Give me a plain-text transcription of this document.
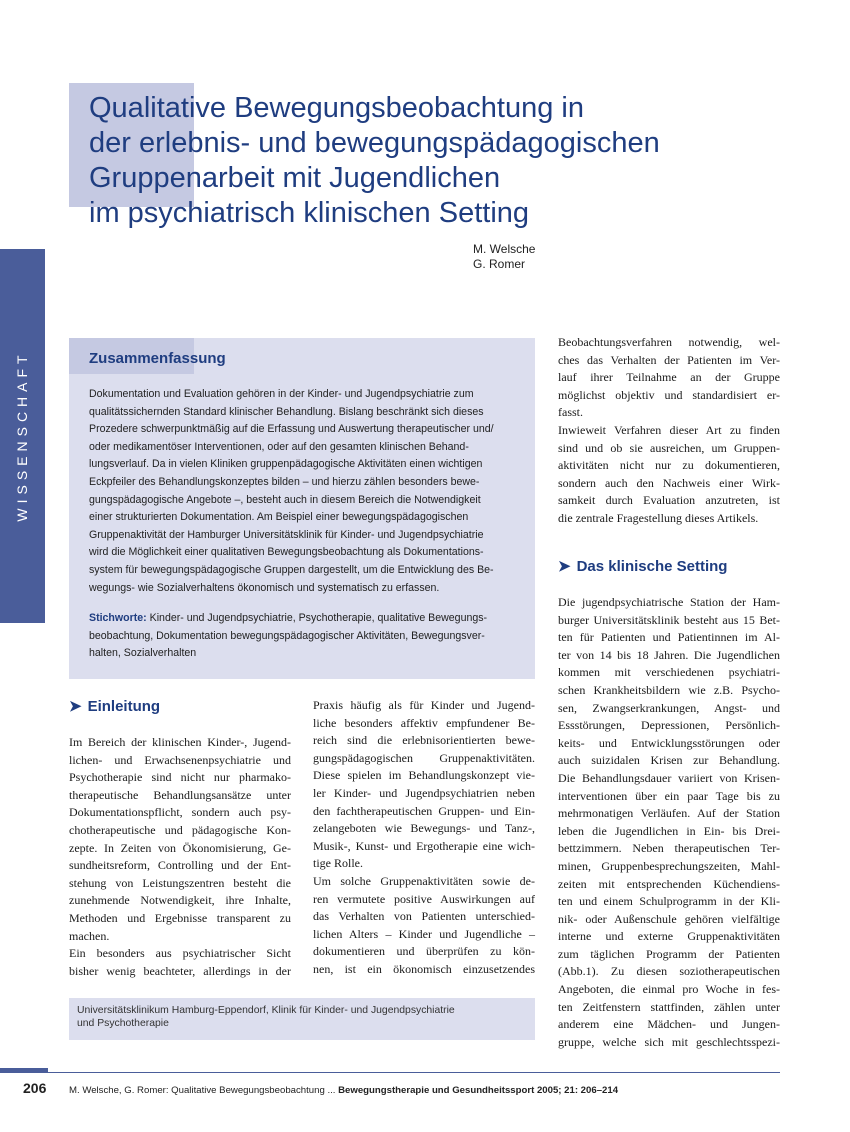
Qualitative Bewegungsbeobachtung in
der erlebnis- und bewegungspädagogischen
Gruppenarbeit mit Jugendlichen
im psychiatrisch klinischen Setting
M. Welsche
G. Romer
WISSENSCHAFT	Zusammenfassung
Dokumentation und Evaluation gehören in der Kinder- und Jugendpsychiatrie zum
qualitätssichernden Standard klinischer Behandlung. Bislang beschränkt sich dieses
Prozedere schwerpunktmäßig auf die Erfassung und Auswertung therapeutischer und/
oder medikamentöser Interventionen, oder auf den gesamten klinischen Behand-
lungsverlauf. Da in vielen Kliniken gruppenpädagogische Aktivitäten einen wichtigen
Eckpfeiler des Behandlungskonzeptes bilden – und hierzu zählen besonders bewe-
gungspädagogische Angebote –, besteht auch in diesem Bereich die Notwendigkeit
einer strukturierten Dokumentation. Am Beispiel einer bewegungspädagogischen
Gruppenaktivität der Hamburger Universitätsklinik für Kinder- und Jugendpsychiatrie
wird die Möglichkeit einer qualitativen Bewegungsbeobachtung als Dokumentations-
system für bewegungspädagogische Gruppen dargestellt, um die Entwicklung des Be-
wegungs- wie Sozialverhaltens ökonomisch und systematisch zu erfassen.
Stichworte: Kinder- und Jugendpsychiatrie, Psychotherapie, qualitative Bewegungs-
beobachtung, Dokumentation bewegungspädagogischer Aktivitäten, Bewegungsver-
halten, Sozialverhalten
➤ Einleitung
Im Bereich der klinischen Kinder-, Jugend-
lichen- und Erwachsenenpsychiatrie und
Psychotherapie sind nicht nur pharmako-
therapeutische Behandlungsansätze unter
Dokumentationspflicht, sondern auch psy-
chotherapeutische und pädagogische Kon-
zepte. In Zeiten von Ökonomisierung, Ge-
sundheitsreform, Controlling und der Ent-
stehung von Leistungszentren besteht die
zunehmende Notwendigkeit, ihre Inhalte,
Methoden und Ergebnisse transparent zu
machen.
Ein besonders aus psychiatrischer Sicht
bisher wenig beachteter, allerdings in der
Praxis häufig als für Kinder und Jugend-
liche besonders affektiv empfundener Be-
reich sind die erlebnisorientierten bewe-
gungspädagogischen Gruppenaktivitäten.
Diese spielen im Behandlungskonzept vie-
ler Kinder- und Jugendpsychiatrien neben
den fachtherapeutischen Gruppen- und Ein-
zelangeboten wie Bewegungs- und Tanz-,
Musik-, Kunst- und Ergotherapie eine wich-
tige Rolle.
Um solche Gruppenaktivitäten sowie de-
ren vermutete positive Auswirkungen auf
das Verhalten von Patienten unterschied-
lichen Alters – Kinder und Jugendliche –
dokumentieren und überprüfen zu kön-
nen, ist ein ökonomisch einzusetzendes
Beobachtungsverfahren notwendig, wel-
ches das Verhalten der Patienten im Ver-
lauf ihrer Teilnahme an der Gruppe
möglichst objektiv und standardisiert er-
fasst.
Inwieweit Verfahren dieser Art zu finden
sind und ob sie ausreichen, um Gruppen-
aktivitäten nicht nur zu dokumentieren,
sondern auch den Nachweis einer Wirk-
samkeit durch Evaluation anzutreten, ist
die zentrale Fragestellung dieses Artikels.
➤ Das klinische Setting
Die jugendpsychiatrische Station der Ham-
burger Universitätsklinik besteht aus 15 Bet-
ten für Patienten und Patientinnen im Al-
ter von 14 bis 18 Jahren. Die Jugendlichen
kommen mit verschiedenen psychiatri-
schen Krankheitsbildern wie z.B. Psycho-
sen, Zwangserkrankungen, Angst- und
Essstörungen, Depressionen, Persönlich-
keits- und Entwicklungsstörungen oder
auch suizidalen Krisen zur Behandlung.
Die Behandlungsdauer variiert von Krisen-
interventionen über ein paar Tage bis zu
mehrmonatigen Verläufen. Auf der Station
leben die Jugendlichen in Ein- bis Drei-
bettzimmern. Neben therapeutischen Ter-
minen, Gruppenbesprechungszeiten, Mahl-
zeiten mit entsprechenden Küchendiens-
ten und einem Schulprogramm in der Kli-
nik- oder Außenschule gehören vielfältige
interne und externe Gruppenaktivitäten
zum täglichen Programm der Patienten
(Abb.1). Zu diesen soziotherapeutischen
Angeboten, die einmal pro Woche in fes-
ten Zeitfenstern stattfinden, zählen unter
anderem eine Mädchen- und Jungen-
gruppe, welche sich mit geschlechtsspezi-
Universitätsklinikum Hamburg-Eppendorf, Klinik für Kinder- und Jugendpsychiatrie
und Psychotherapie
206 M. Welsche, G. Romer: Qualitative Bewegungsbeobachtung ... Bewegungstherapie und Gesundheitssport 2005; 21: 206–214
